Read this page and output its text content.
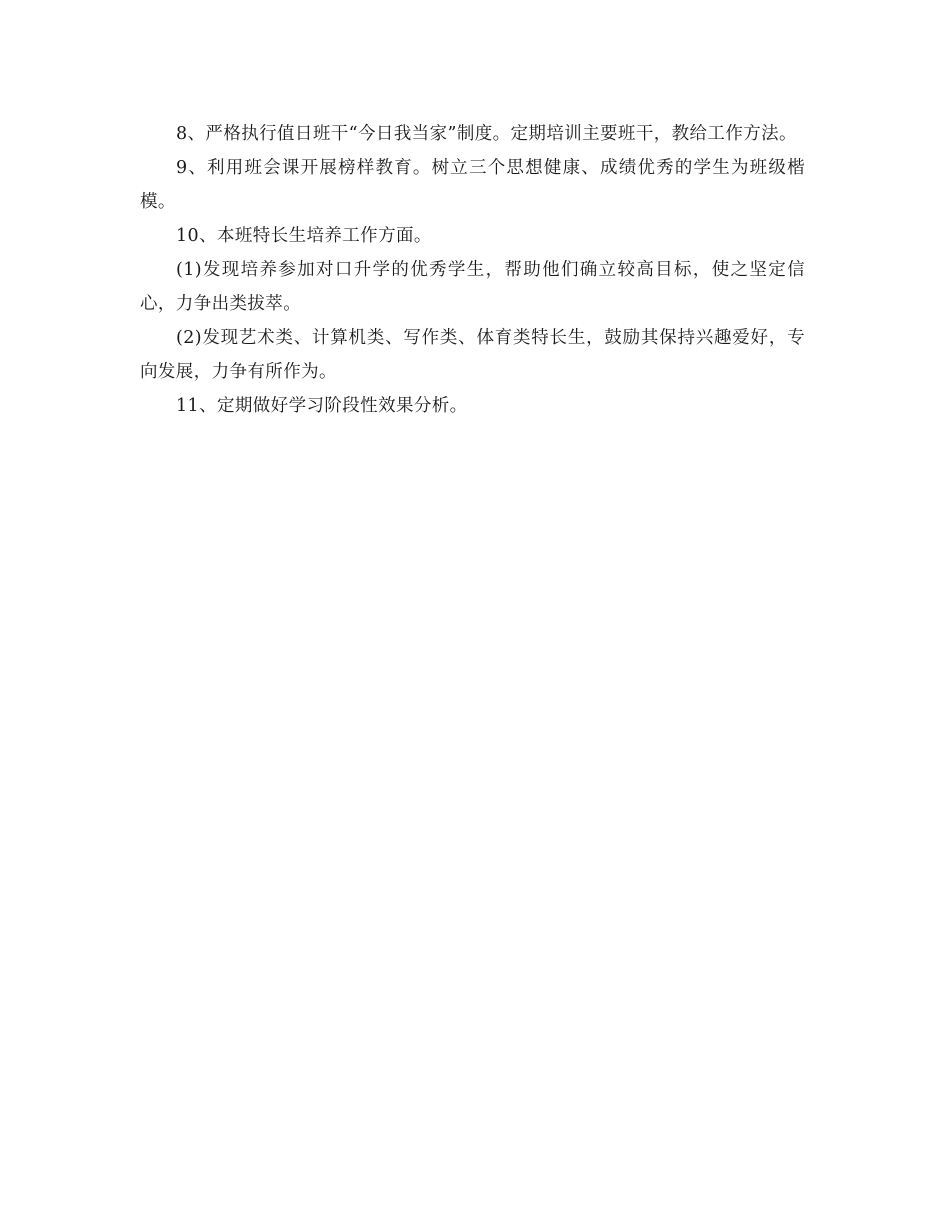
8、严格执行值日班干“今日我当家”制度。定期培训主要班干，教给工作方法。

9、利用班会课开展榜样教育。树立三个思想健康、成绩优秀的学生为班级楷模。

10、本班特长生培养工作方面。

(1)发现培养参加对口升学的优秀学生，帮助他们确立较高目标，使之坚定信心，力争出类拔萃。

(2)发现艺术类、计算机类、写作类、体育类特长生，鼓励其保持兴趣爱好，专向发展，力争有所作为。

11、定期做好学习阶段性效果分析。
